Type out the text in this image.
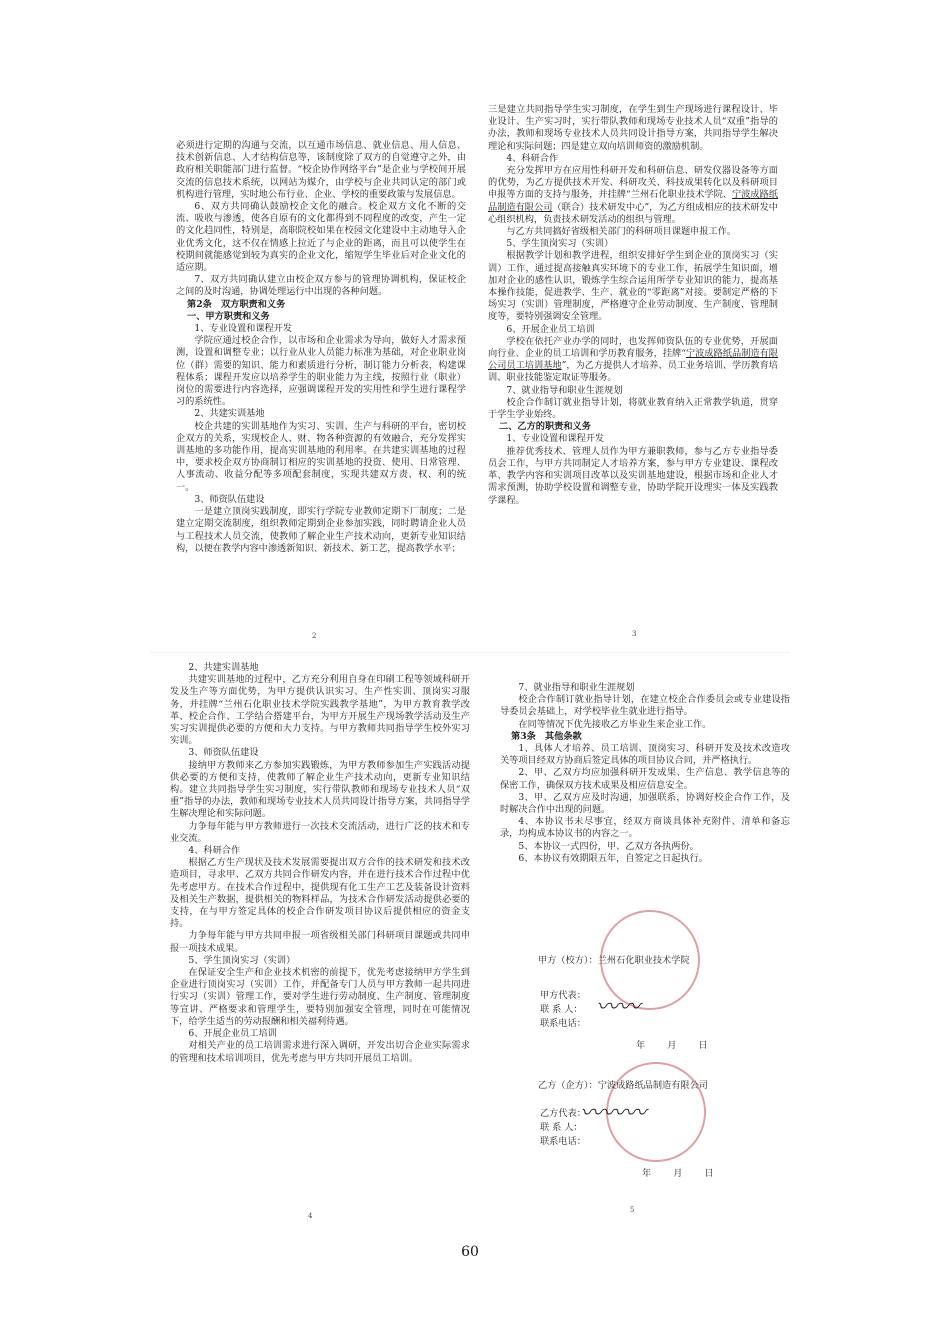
必须进行定期的沟通与交流，以互通市场信息、就业信息、用人信息、技术创新信息、人才结构信息等，该制度除了双方的自觉遵守之外，由政府相关职能部门进行监督。“校企协作网络平台”是企业与学校间开展交流的信息技术系统，以网站为媒介，由学校与企业共同认定的部门或机构进行管理，实时地公布行业、企业、学校的重要政策与发展信息。

6、双方共同确认鼓励校企文化的融合。校企双方文化不断的交流、吸收与渗透，使各自原有的文化都得到不同程度的改变，产生一定的文化趋同性，特别是，高职院校如果在校园文化建设中主动地导入企业优秀文化，这不仅在情感上拉近了与企业的距离，而且可以使学生在校期间就能感觉到较为真实的企业文化，缩短学生毕业后对企业文化的适应期。

7、双方共同确认建立由校企双方参与的管理协调机构，保证校企之间的及时沟通，协调处理运行中出现的各种问题。

第2条　双方职责和义务

一、甲方职责和义务

1、专业设置和课程开发

学院应通过校企合作，以市场和企业需求为导向，做好人才需求预测，设置和调整专业；以行业从业人员能力标准为基础，对企业职业岗位（群）需要的知识、能力和素质进行分析，制订能力分析表，构建课程体系；课程开发应以培养学生的职业能力为主线，按照行业（职业）岗位的需要进行内容选择，应强调课程开发的实用性和学生进行课程学习的系统性。

2、共建实训基地

校企共建的实训基地作为实习、实训、生产与科研的平台，密切校企双方的关系，实现校企人、财、物各种资源的有效融合，充分发挥实训基地的多功能作用，提高实训基地的利用率。在共建实训基地的过程中，要求校企双方协商制订相应的实训基地的投资、使用、日常管理、人事流动、收益分配等多项配套制度，实现共建双方责、权、利的统一。

3、师资队伍建设

一是建立顶岗实践制度，即实行学院专业教师定期下厂制度；二是建立定期交流制度，组织教师定期到企业参加实践，同时聘请企业人员与工程技术人员交流，使教师了解企业生产技术动向，更新专业知识结构，以便在教学内容中渗透新知识、新技术、新工艺，提高教学水平；

2

三是建立共同指导学生实习制度，在学生到生产现场进行课程设计、毕业设计、生产实习时，实行带队教师和现场专业技术人员“双重”指导的办法，教师和现场专业技术人员共同设计指导方案，共同指导学生解决理论和实际问题；四是建立双向培训师资的激励机制。

4、科研合作

充分发挥甲方在应用性科研开发和科研信息、研发仪器设备等方面的优势，为乙方提供技术开发、科研攻关、科技成果转化以及科研项目申报等方面的支持与服务，并挂牌“兰州石化职业技术学院、宁波成路纸品制造有限公司（联合）技术研发中心”，为乙方组成相应的技术研发中心组织机构，负责技术研发活动的组织与管理。

与乙方共同搞好省级相关部门的科研项目课题申报工作。

5、学生顶岗实习（实训）

根据教学计划和教学进程，组织安排好学生到企业的顶岗实习（实训）工作，通过提高接触真实环境下的专业工作，拓展学生知识面，增加对企业的感性认识，锻炼学生综合运用所学专业知识的能力，提高基本操作技能，促进教学、生产、就业的“零距离”对接。要制定严格的下场实习（实训）管理制度，严格遵守企业劳动制度、生产制度、管理制度等，要特别强调安全管理。

6、开展企业员工培训

学校在依托产业办学的同时，也发挥师资队伍的专业优势，开展面向行业、企业的员工培训和学历教育服务，挂牌“宁波成路纸品制造有限公司员工培训基地”，为乙方提供人才培养、员工业务培训、学历教育培训、职业技能鉴定取证等服务。

7、就业指导和职业生涯规划

校企合作制订就业指导计划，将就业教育纳入正常教学轨道，贯穿于学生学业始终。

二、乙方的职责和义务

1、专业设置和课程开发

推荐优秀技术、管理人员作为甲方兼职教师，参与乙方专业指导委员会工作，与甲方共同制定人才培养方案，参与甲方专业建设、课程改革、教学内容和实训项目改革以及实训基地建设，根据市场和企业人才需求预测，协助学校设置和调整专业，协助学院开设理实一体及实践教学课程。

3

2、共建实训基地

共建实训基地的过程中，乙方充分利用自身在印刷工程等领域科研开发及生产等方面优势，为甲方提供认识实习、生产性实训、顶岗实习服务，并挂牌“兰州石化职业技术学院实践教学基地”，为甲方教育教学改革、校企合作、工学结合搭建平台，为甲方开展生产现场教学活动及生产实习实训提供必要的方便和大力支持。与甲方教师共同指导学生校外实习实训。

3、师资队伍建设

接纳甲方教师来乙方参加实践锻炼，为甲方教师参加生产实践活动提供必要的方便和支持，使教师了解企业生产技术动向，更新专业知识结构。建立共同指导学生实习制度，实行带队教师和现场专业技术人员“双重”指导的办法，教师和现场专业技术人员共同设计指导方案，共同指导学生解决理论和实际问题。

力争每年能与甲方教师进行一次技术交流活动，进行广泛的技术和专业交流。

4、科研合作

根据乙方生产现状及技术发展需要提出双方合作的技术研发和技术改造项目，寻求甲、乙双方共同合作研发内容，并在进行技术合作过程中优先考虑甲方。在技术合作过程中，提供现有化工生产工艺及装备设计资料及相关生产数据，提供相关的物料样品，为技术合作研发活动提供必要的支持，在与甲方签定具体的校企合作研发项目协议后提供相应的资金支持。

力争每年能与甲方共同申报一项省级相关部门科研项目课题或共同申报一项技术成果。

5、学生顶岗实习（实训）

在保证安全生产和企业技术机密的前提下，优先考虑接纳甲方学生到企业进行顶岗实习（实训）工作，并配备专门人员与甲方教师一起共同进行实习（实训）管理工作，要对学生进行劳动制度、生产制度、管理制度等宣讲、严格要求和管理学生，要特别加强安全管理，同时在可能情况下，给学生适当的劳动报酬和相关福利待遇。

6、开展企业员工培训

对相关产业的员工培训需求进行深入调研，开发出切合企业实际需求的管理和技术培训项目，优先考虑与甲方共同开展员工培训。

4

7、就业指导和职业生涯规划

校企合作制订就业指导计划，在建立校企合作委员会或专业建设指导委员会基础上，对学校毕业生就业进行指导。

在同等情况下优先接收乙方毕业生来企业工作。

第3条　其他条款

1、具体人才培养、员工培训、顶岗实习、科研开发及技术改造攻关等项目经双方协商后签定具体的项目协议合同，并严格执行。

2、甲、乙双方均应加强科研开发成果、生产信息、教学信息等的保密工作，确保双方技术成果及相应信息安全。

3、甲、乙双方应及时沟通，加强联系，协调好校企合作工作，及时解决合作中出现的问题。

4、本协议书未尽事宜，经双方商谈具体补充附件、清单和备忘录，均构成本协议书的内容之一。

5、本协议一式四份，甲、乙双方各执两份。

6、本协议有效期限五年，自签定之日起执行。

甲方（校方）：兰州石化职业技术学院
甲方代表：
联 系 人：
联系电话：
〰〰
年 月 日
乙方（企方）：宁波成路纸品制造有限公司
乙方代表：
联 系 人：
联系电话：
〰〰〰
年 月 日
5
60
